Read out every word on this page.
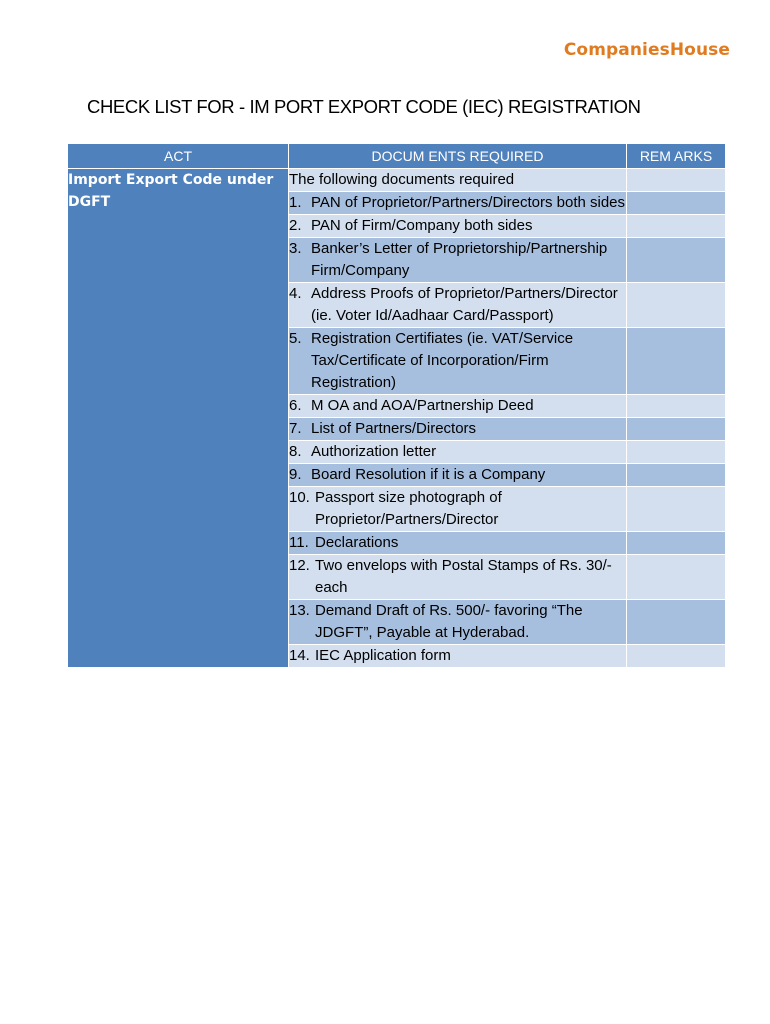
CompaniesHouse
CHECK LIST FOR - IM PORT EXPORT CODE (IEC) REGISTRATION
ACT	DOCUM ENTS REQUIRED	REM ARKS
Import Export Code under DGFT	The following documents required	

	1. PAN of Proprietor/Partners/Directors both sides	

	2. PAN of Firm/Company both sides	

	3. Banker’s Letter of Proprietorship/Partnership Firm/Company	

	4. Address Proofs of Proprietor/Partners/Director (ie. Voter Id/Aadhaar Card/Passport)	

	5. Registration Certifiates (ie. VAT/Service Tax/Certificate of Incorporation/Firm Registration)	

	6. M OA and AOA/Partnership Deed	

	7. List of Partners/Directors	

	8. Authorization letter	

	9. Board Resolution if it is a Company	

	10. Passport size photograph of Proprietor/Partners/Director	

	11. Declarations	

	12. Two envelops with Postal Stamps of Rs. 30/- each	

	13. Demand Draft of Rs. 500/- favoring “The JDGFT”, Payable at Hyderabad.	

	14. IEC Application form	
